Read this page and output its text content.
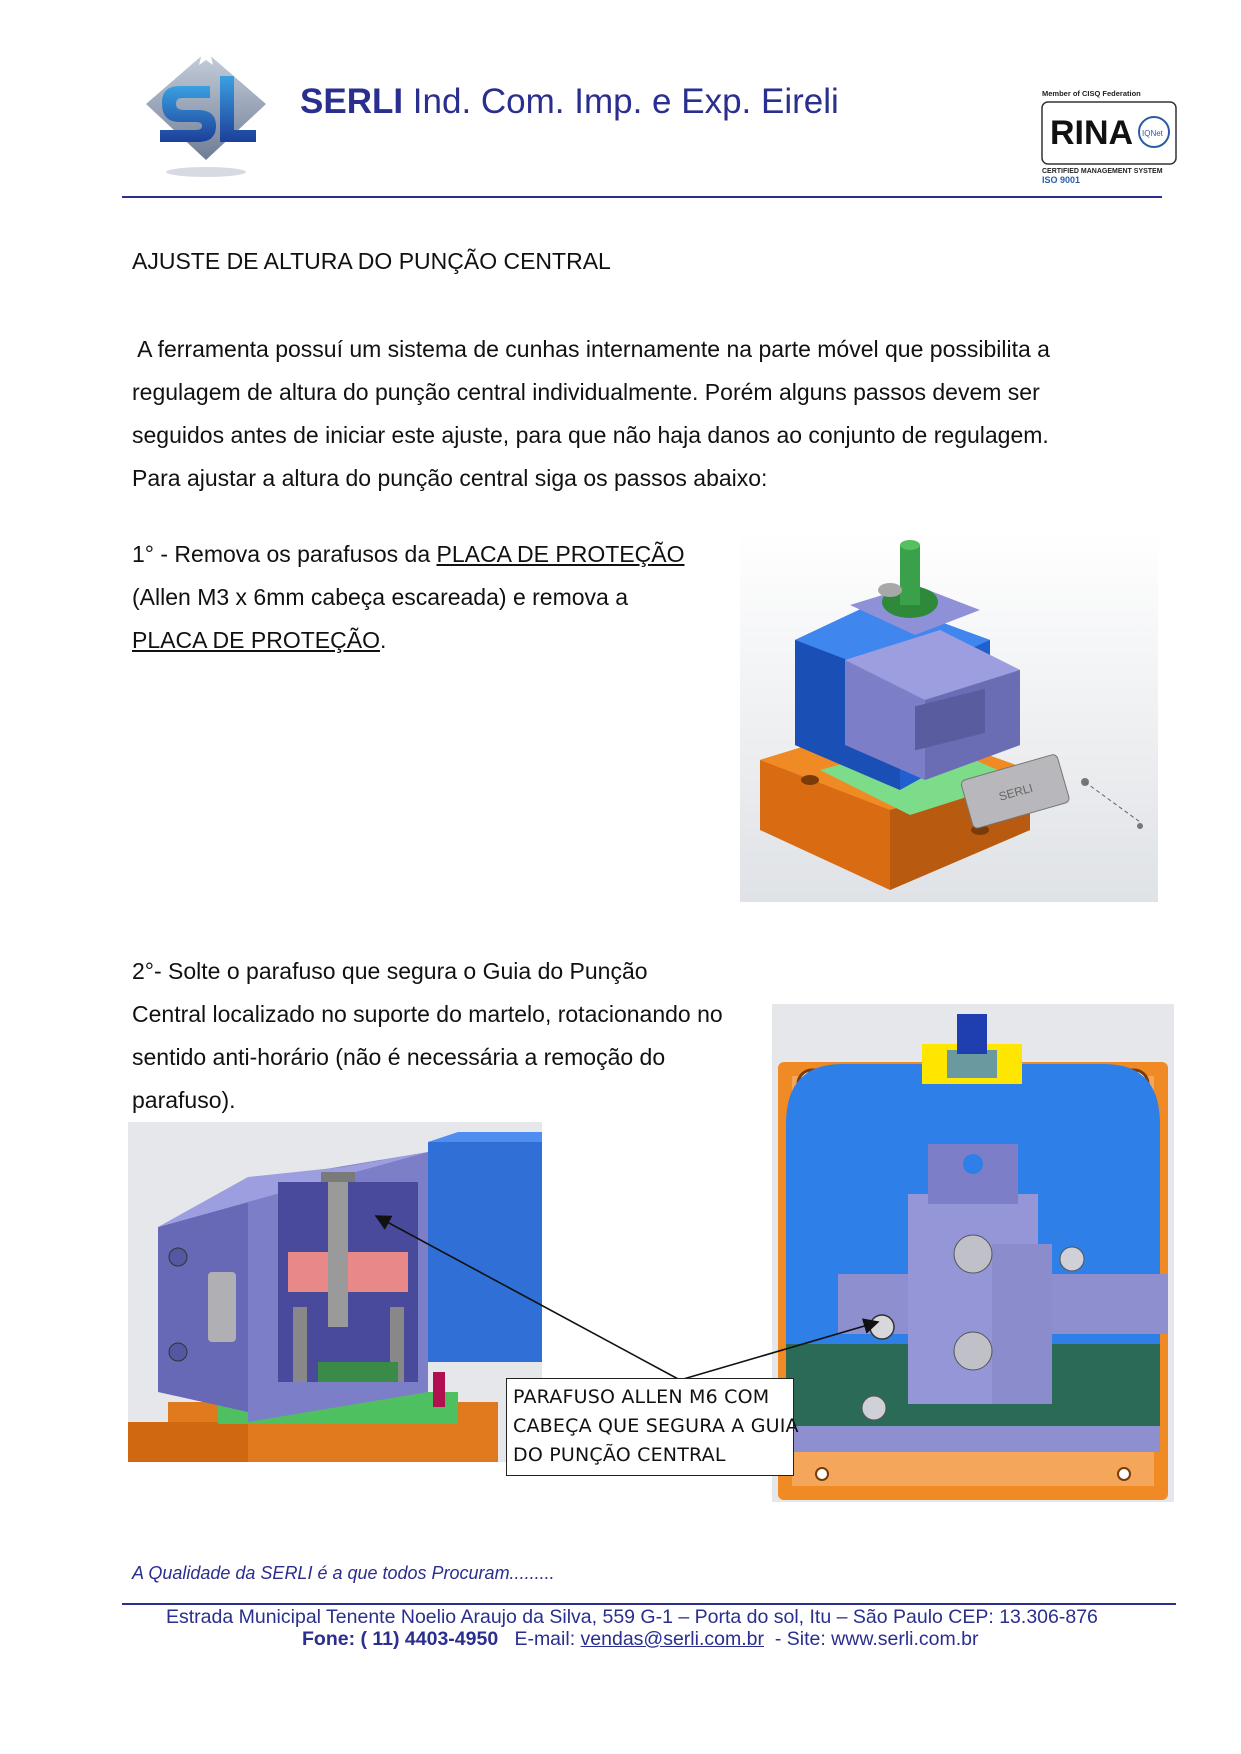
SERLI Ind. Com. Imp. e Exp. Eireli	Member of CISQ Federation
RINA IQNet
CERTIFIED MANAGEMENT SYSTEM
ISO 9001
AJUSTE DE ALTURA DO PUNÇÃO CENTRAL
A ferramenta possuí um sistema de cunhas internamente na parte móvel que possibilita a
regulagem de altura do punção central individualmente. Porém alguns passos devem ser
seguidos antes de iniciar este ajuste, para que não haja danos ao conjunto de regulagem.
Para ajustar a altura do punção central siga os passos abaixo:
1° - Remova os parafusos da PLACA DE PROTEÇÃO
(Allen M3 x 6mm cabeça escareada) e remova a
PLACA DE PROTEÇÃO.
SERLI
2°- Solte o parafuso que segura o Guia do Punção
Central localizado no suporte do martelo, rotacionando no
sentido anti-horário (não é necessária a remoção do
parafuso).
PARAFUSO ALLEN M6 COM
CABEÇA QUE SEGURA A GUIA
DO PUNÇÃO CENTRAL
A Qualidade da SERLI é a que todos Procuram.........
Estrada Municipal Tenente Noelio Araujo da Silva, 559 G-1 – Porta do sol, Itu – São Paulo CEP: 13.306-876
Fone: ( 11) 4403-4950   E-mail: vendas@serli.com.br  - Site: www.serli.com.br
